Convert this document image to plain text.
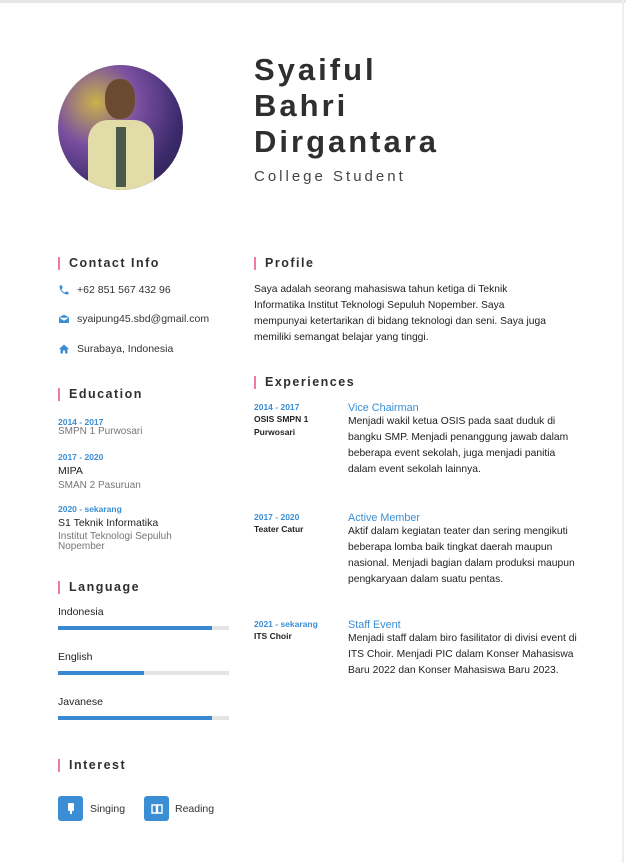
Syaiful
Bahri
Dirgantara
College Student
Contact Info
+62 851 567 432 96
syaipung45.sbd@gmail.com
Surabaya, Indonesia
Education
2014 - 2017
SMPN 1 Purwosari
2017 - 2020
MIPA
SMAN 2 Pasuruan
2020 - sekarang
S1 Teknik Informatika
Institut Teknologi Sepuluh Nopember
Language
Indonesia
English
Javanese
Interest
Singing	Reading
Profile
Saya adalah seorang mahasiswa tahun ketiga di Teknik Informatika Institut Teknologi Sepuluh Nopember. Saya mempunyai ketertarikan di bidang teknologi dan seni. Saya juga memiliki semangat belajar yang tinggi.
Experiences
2014 - 2017
OSIS SMPN 1 Purwosari
Vice Chairman
Menjadi wakil ketua OSIS pada saat duduk di bangku SMP. Menjadi penanggung jawab dalam beberapa event sekolah, juga menjadi panitia dalam event sekolah lainnya.
2017 - 2020
Teater Catur
Active Member
Aktif dalam kegiatan teater dan sering mengikuti beberapa lomba baik tingkat daerah maupun nasional. Menjadi bagian dalam produksi maupun pengkaryaan dalam suatu pentas.
2021 - sekarang
ITS Choir
Staff Event
Menjadi staff dalam biro fasilitator di divisi event di ITS Choir. Menjadi PIC dalam Konser Mahasiswa Baru 2022 dan Konser Mahasiswa Baru 2023.
